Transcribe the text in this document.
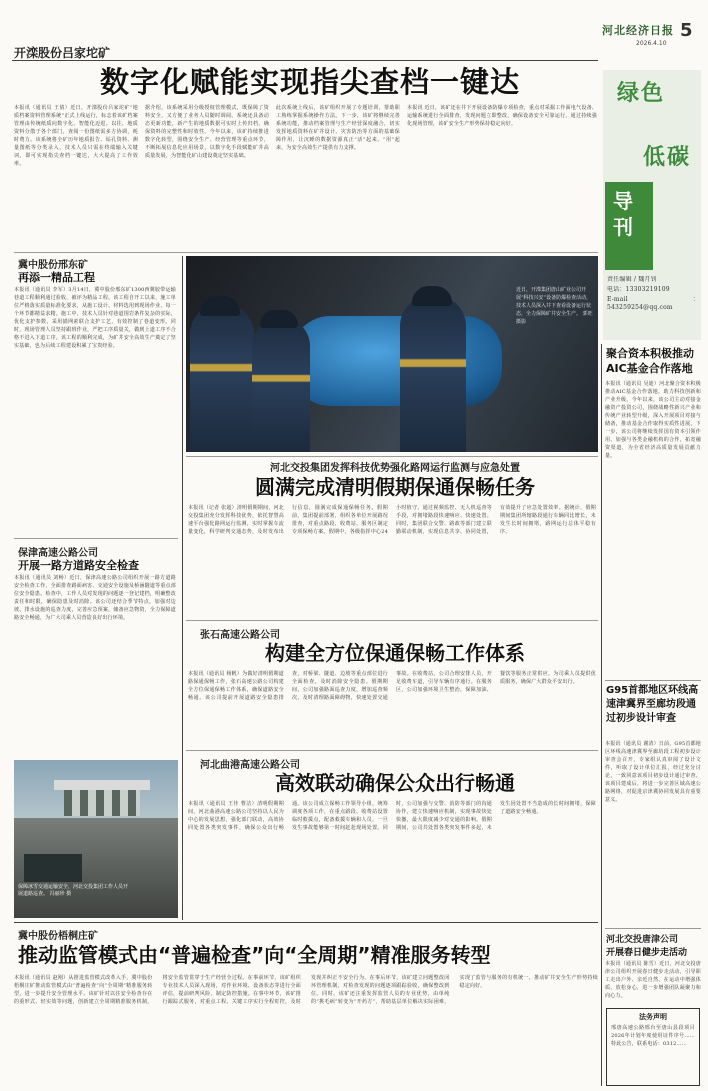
开滦股份吕家坨矿
河北经济日报
2026.4.10
5
绿色
低碳
导刊
责任编辑 / 魏月钊
电话：13303219109
E-mail：543259254@qq.com
数字化赋能实现指尖查档一键达
本报讯（通讯员 王倩）近日，开滦股份吕家坨矿“地质档案资料管理系统”正式上线运行，标志着该矿档案管理由传统纸质向数字化、智能化迈进。以往，地质资料分散于各个部门，查阅一份图纸需多方协调，耗时费力。该系统将全矿历年地质报告、钻孔资料、测量图纸等分类录入，技术人员只需在终端输入关键词，即可实现指尖查档一键达，大大提高了工作效率。
据介绍，该系统采用分级授权管理模式，既保障了资料安全，又方便了业务人员随时调阅。系统还具备动态更新功能，新产生的地质数据可实时上传归档，确保资料的完整性和时效性。今年以来，该矿持续推进数字化转型，围绕安全生产、经营管理等重点环节，不断拓展信息化应用场景，以数字化手段赋能矿井高质量发展，为智能化矿山建设奠定坚实基础。
此次系统上线后，该矿组织开展了专题培训，帮助职工熟练掌握系统操作方法。下一步，该矿将继续完善系统功能，推动档案管理与生产经营深度融合，切实发挥地质资料在矿井设计、灾害防治等方面的基础保障作用，让沉睡的数据资源真正“活”起来、“用”起来，为安全高效生产提供有力支撑。
本报讯 近日，该矿还在井下开展设备防爆专项检查，重点对采掘工作面电气设备、运输系统进行全面排查，发现问题立即整改，确保设备安全可靠运行。通过持续强化现场管理，该矿安全生产形势保持稳定向好。
冀中股份邢东矿
再添一精品工程
本报讯（通讯员 李军）3月14日，冀中股份邢东矿1300西翼胶带运输巷道工程顺利通过验收，被评为精品工程。该工程自开工以来，施工单位严格落实质量标准化要求，从施工设计、材料选用到现场作业，每一个环节都精益求精。施工中，技术人员针对巷道围岩条件复杂的实际，优化支护参数，采用锚网索联合支护工艺，有效控制了巷道变形。同时，现场管理人员坚持跟班作业，严把工序质量关，做到上道工序不合格不进入下道工序。该工程的顺利完成，为矿井安全高效生产奠定了坚实基础，也为后续工程建设积累了宝贵经验。
保津高速公路公司
开展一路方道路安全检查
本报讯（通讯员 刘畅）近日，保津高速公路公司组织开展一路方道路安全检查工作，全面排查路面病害、交通安全设施及桥涵隧道等重点部位安全隐患。检查中，工作人员对发现的问题逐一登记建档，明确整改责任和时限，确保隐患及时消除。该公司还结合季节特点，加强对边坡、排水设施的巡查力度，完善应急预案，储备应急物资，全力保障道路安全畅通，为广大司乘人员营造良好出行环境。
保障冰雪交通运输安全，河北交投集团工作人员开展道路巡查。 冯丽珍 摄
近日，开滦集团唐山矿业公司开展“科技兴安”设备防爆检查活动，技术人员深入井下查看设备运行状态，全力保障矿井安全生产。 郭旺 摄影
河北交投集团发挥科技优势强化路网运行监测与应急处置
圆满完成清明假期保通保畅任务
本报讯（记者 张超）清明假期期间，河北交投集团充分发挥科技优势，依托智慧高速平台强化路网运行监测，实时掌握车流量变化，科学研判交通态势，及时发布出行信息，圆满完成保通保畅任务。假期前，集团提前部署，组织各单位开展路况排查，对重点路段、收费站、服务区制定专项保畅方案。假期中，各级指挥中心24小时值守，通过视频监控、无人机巡查等手段，对拥堵路段快速响应、快速处置。同时，集团联合交警、路政等部门建立联勤联动机制，实现信息共享、协同处置，有效提升了应急处置效率。据统计，假期期间集团所辖路段通行车辆同比增长，未发生长时间拥堵，路网运行总体平稳有序。
张石高速公路公司
构建全方位保通保畅工作体系
本报讯（通讯员 杨帆）为做好清明假期道路保通保畅工作，张石高速公路公司构建全方位保通保畅工作体系，确保道路安全畅通。该公司提前开展道路安全隐患排查，对桥梁、隧道、边坡等重点部位进行全面检查，及时消除安全隐患。假期期间，公司加强路面巡查力度，增加巡查频次，及时清理路面障碍物，快速处置交通事故。在收费站，公司合理安排人员，开足收费车道，引导车辆有序通行。在服务区，公司加强环境卫生整治，保障加油、餐饮等服务正常供应，为司乘人员提供优质服务，确保广大群众平安出行。
河北曲港高速公路公司
高效联动确保公众出行畅通
本报讯（通讯员 王佳 曹洁）清明假期期间，河北曲港高速公路公司坚持以人民为中心的发展思想，强化部门联动，高效协同处置各类突发事件，确保公众出行畅通。该公司成立保畅工作领导小组，统筹调度各项工作，在重点路段、收费站设置临时救援点，配备救援车辆和人员，一旦发生事故能够第一时间赶赴现场处置。同时，公司加强与交警、消防等部门的沟通协作，建立快速响应机制，实现事故快处快撤，最大限度减少对交通的影响。假期期间，公司共处置各类突发事件多起，未发生因处置不当造成的长时间拥堵，保障了道路安全畅通。
冀中股份梧桐庄矿
推动监管模式由“普遍检查”向“全周期”精准服务转型
本报讯（通讯员 赵刚）从推进监管模式改革入手，冀中股份梧桐庄矿推动监管模式由“普遍检查”向“全周期”精准服务转型，进一步提升安全管理水平。该矿针对以往安全检查存在的重形式、轻实效等问题，创新建立全周期精准服务机制，将安全监管贯穿于生产经营全过程。在事前环节，该矿组织专业技术人员深入现场，对作业环境、设备状态等进行全面评估，提前研判风险，制定防控措施。在事中环节，该矿推行跟踪式服务，对重点工程、关键工序实行全程盯控，及时发现并纠正不安全行为。在事后环节，该矿建立问题整改闭环管理机制，对检查发现的问题逐项跟踪验收，确保整改到位。同时，该矿还注重发挥监管人员的专业优势，由单纯的“挑毛病”转变为“开药方”，帮助基层单位解决实际困难，实现了监管与服务的有机统一，推动矿井安全生产形势持续稳定向好。
聚合资本积极推动AIC基金合作落地
本报讯（通讯员 吴迪）河北聚合资本积极推动AIC基金合作落地，助力科技创新和产业升级。今年以来，该公司主动对接金融资产投资公司，围绕战略性新兴产业和传统产业转型升级，深入开展项目对接与储备，推动基金合作取得实质性进展。下一步，该公司将继续发挥国有资本引领作用，加强与各类金融机构的合作，拓宽融资渠道，为全省经济高质量发展贡献力量。
G95首都地区环线高速津冀界至廊坊段通过初步设计审查
本报讯（通讯员 谢清）日前，G95首都地区环线高速津冀界至廊坊段工程初步设计审查会召开，专家组认真审阅了设计文件，听取了设计单位汇报，经过充分讨论，一致同意该项目初步设计通过审查。该项目建成后，将进一步完善区域高速公路网络，对促进京津冀协同发展具有重要意义。
河北交投唐津公司
开展春日健步走活动
本报讯（通讯员 陈雪）近日，河北交投唐津公司组织开展春日健步走活动，引导职工走出户外、亲近自然，在运动中增强体质、放松身心，进一步增强团队凝聚力和向心力。
法务声明
邢唐高速公路邢台至唐山县段项目2026年计划年度使用证件序号……特此公告，联系电话：0312……
